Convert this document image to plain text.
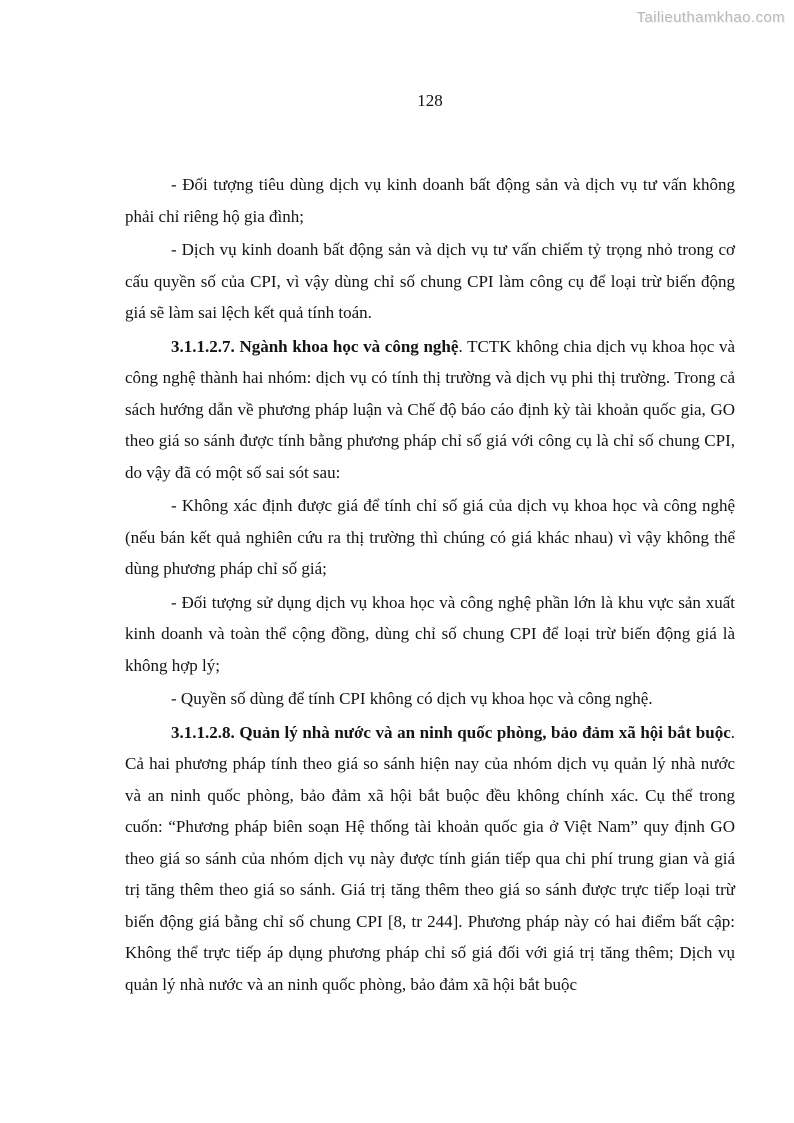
Tailieuthamkhao.com
128

- Đối tượng tiêu dùng dịch vụ kinh doanh bất động sản và dịch vụ tư vấn không phải chỉ riêng hộ gia đình;

- Dịch vụ kinh doanh bất động sản và dịch vụ tư vấn chiếm tỷ trọng nhỏ trong cơ cấu quyền số của CPI, vì vậy dùng chỉ số chung CPI làm công cụ để loại trừ biến động giá sẽ làm sai lệch kết quả tính toán.

3.1.1.2.7. Ngành khoa học và công nghệ. TCTK không chia dịch vụ khoa học và công nghệ thành hai nhóm: dịch vụ có tính thị trường và dịch vụ phi thị trường. Trong cả sách hướng dẫn về phương pháp luận và Chế độ báo cáo định kỳ tài khoản quốc gia, GO theo giá so sánh được tính bằng phương pháp chỉ số giá với công cụ là chỉ số chung CPI, do vậy đã có một số sai sót sau:

- Không xác định được giá để tính chỉ số giá của dịch vụ khoa học và công nghệ (nếu bán kết quả nghiên cứu ra thị trường thì chúng có giá khác nhau) vì vậy không thể dùng phương pháp chỉ số giá;

- Đối tượng sử dụng dịch vụ khoa học và công nghệ phần lớn là khu vực sản xuất kinh doanh và toàn thể cộng đồng, dùng chỉ số chung CPI để loại trừ biến động giá là không hợp lý;

- Quyền số dùng để tính CPI không có dịch vụ khoa học và công nghệ.

3.1.1.2.8. Quản lý nhà nước và an ninh quốc phòng, bảo đảm xã hội bắt buộc. Cả hai phương pháp tính theo giá so sánh hiện nay của nhóm dịch vụ quản lý nhà nước và an ninh quốc phòng, bảo đảm xã hội bắt buộc đều không chính xác. Cụ thể trong cuốn: “Phương pháp biên soạn Hệ thống tài khoản quốc gia ở Việt Nam” quy định GO theo giá so sánh của nhóm dịch vụ này được tính gián tiếp qua chi phí trung gian và giá trị tăng thêm theo giá so sánh. Giá trị tăng thêm theo giá so sánh được trực tiếp loại trừ biến động giá bằng chỉ số chung CPI [8, tr 244]. Phương pháp này có hai điểm bất cập: Không thể trực tiếp áp dụng phương pháp chỉ số giá đối với giá trị tăng thêm; Dịch vụ quản lý nhà nước và an ninh quốc phòng, bảo đảm xã hội bắt buộc
